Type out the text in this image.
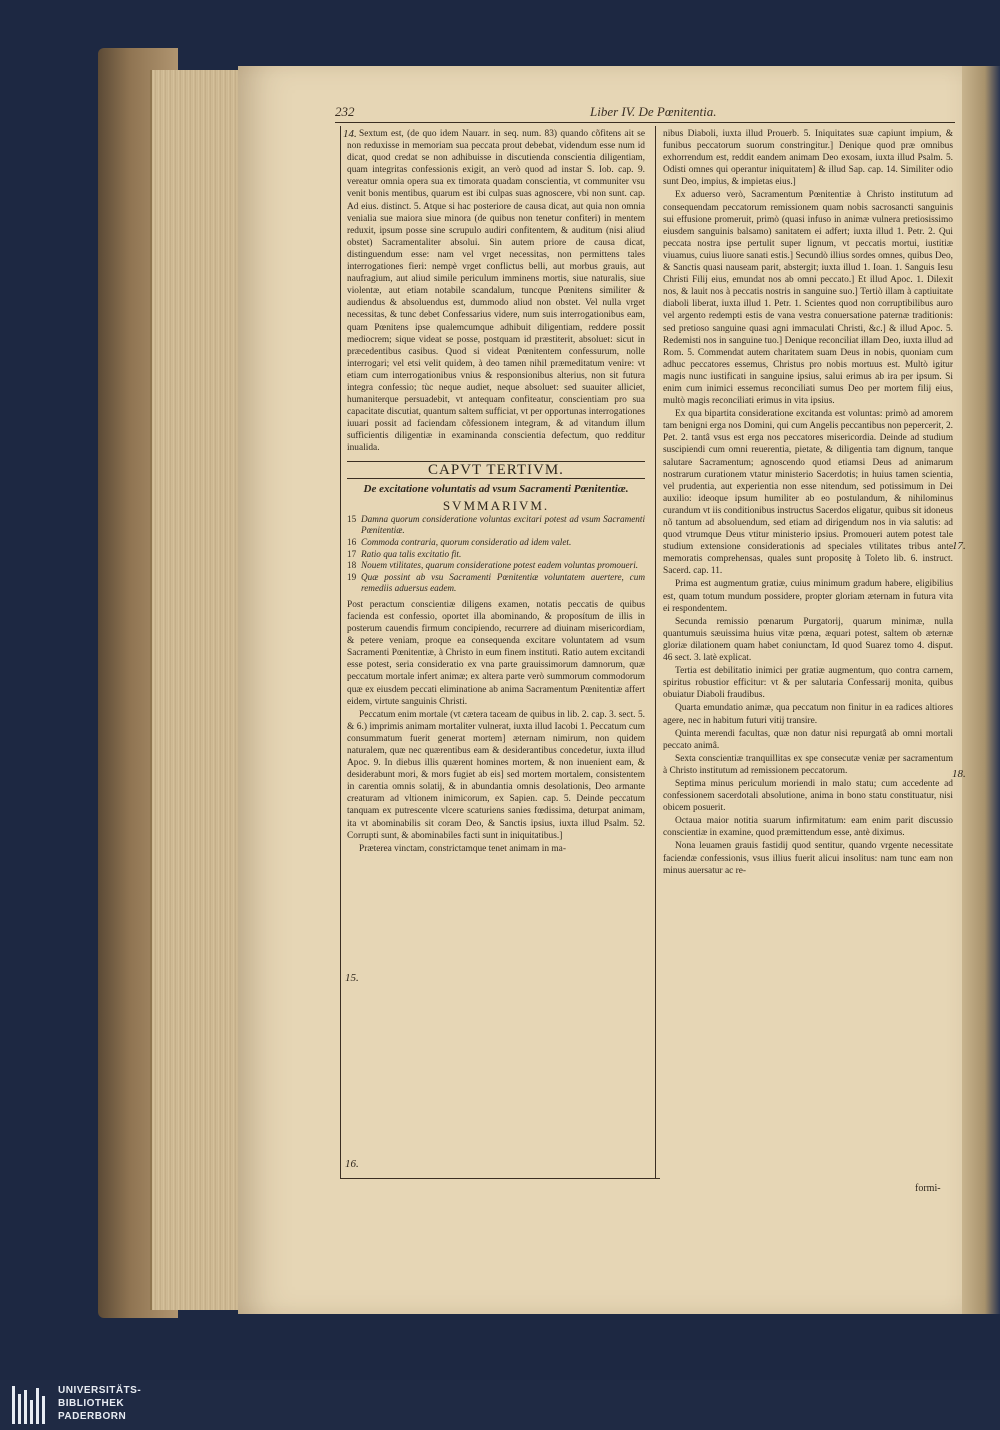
232	Liber IV. De Pœnitentia.
14.
15.
16.

Sextum est, (de quo idem Nauarr. in seq. num. 83) quando cõfitens ait se non reduxisse in memoriam sua peccata prout debebat, videndum esse num id dicat, quod credat se non adhibuisse in discutienda conscientia diligentiam, quam integritas confessionis exigit, an verò quod ad instar S. Iob. cap. 9. vereatur omnia opera sua ex timorata quadam conscientia, vt communiter vsu venit bonis mentibus, quarum est ibi culpas suas agnoscere, vbi non sunt. cap. Ad eius. distinct. 5. Atque si hac posteriore de causa dicat, aut quia non omnia venialia sue maiora siue minora (de quibus non tenetur confiteri) in mentem reduxit, ipsum posse sine scrupulo audiri confitentem, & auditum (nisi aliud obstet) Sacramentaliter absolui. Sin autem priore de causa dicat, distinguendum esse: nam vel vrget necessitas, non permittens tales interrogationes fieri: nempè vrget conflictus belli, aut morbus grauis, aut naufragium, aut aliud simile periculum imminens mortis, siue naturalis, siue violentæ, aut etiam notabile scandalum, tuncque Pœnitens similiter & audiendus & absoluendus est, dummodo aliud non obstet. Vel nulla vrget necessitas, & tunc debet Confessarius videre, num suis interrogationibus eam, quam Pœnitens ipse qualemcumque adhibuit diligentiam, reddere possit mediocrem; sique videat se posse, postquam id præstiterit, absoluet: sicut in præcedentibus casibus. Quod si videat Pœnitentem confessurum, nolle interrogari; vel etsi velit quidem, à deo tamen nihil præmeditatum venire: vt etiam cum interrogationibus vnius & responsionibus alterius, non sit futura integra confessio; tùc neque audiet, neque absoluet: sed suauiter alliciet, humaniterque persuadebit, vt antequam confiteatur, conscientiam pro sua capacitate discutiat, quantum saltem sufficiat, vt per opportunas interrogationes iuuari possit ad faciendam cõfessionem integram, & ad vitandum illum sufficientis diligentiæ in examinanda conscientia defectum, quo redditur inualida.

CAPVT TERTIVM.
De excitatione voluntatis ad vsum Sacramenti Pœnitentiæ.
SVMMARIVM.
15 Damna quorum consideratione voluntas excitari potest ad vsum Sacramenti Pœnitentiæ.
16 Commoda contraria, quorum consideratio ad idem valet.
17 Ratio qua talis excitatio fit.
18 Nouem vtilitates, quarum consideratione potest eadem voluntas promoueri.
19 Quæ possint ab vsu Sacramenti Pœnitentiæ voluntatem auertere, cum remediis aduersus eadem.

Post peractum conscientiæ diligens examen, notatis peccatis de quibus facienda est confessio, oportet illa abominando, & proposítum de illis in posterum cauendis firmum concipiendo, recurrere ad diuinam misericordiam, & petere veniam, proque ea consequenda excitare voluntatem ad vsum Sacramenti Pœnitentiæ, à Christo in eum finem instituti. Ratio autem excitandi esse potest, seria consideratio ex vna parte grauissimorum damnorum, quæ peccatum mortale infert animæ; ex altera parte verò summorum commodorum quæ ex eiusdem peccati eliminatione ab anima Sacramentum Pœnitentiæ affert eidem, virtute sanguinis Christi.

Peccatum enim mortale (vt cætera taceam de quibus in lib. 2. cap. 3. sect. 5. & 6.) imprimis animam mortaliter vulnerat, iuxta illud Iacobi 1. Peccatum cum consummatum fuerit generat mortem] æternam nimirum, non quidem naturalem, quæ nec quærentibus eam & desiderantibus concedetur, iuxta illud Apoc. 9. In diebus illis quærent homines mortem, & non inuenient eam, & desiderabunt mori, & mors fugiet ab eis] sed mortem mortalem, consistentem in carentia omnis solatij, & in abundantia omnis desolationis, Deo armante creaturam ad vltionem inimicorum, ex Sapien. cap. 5. Deinde peccatum tanquam ex putrescente vlcere scaturiens sanies fœdissima, deturpat animam, ita vt abominabilis sit coram Deo, & Sanctis ipsius, iuxta illud Psalm. 52. Corrupti sunt, & abominabiles facti sunt in iniquitatibus.]

Præterea vinctam, constrictamque tenet animam in ma-

nibus Diaboli, iuxta illud Prouerb. 5. Iniquitates suæ capiunt impium, & funibus peccatorum suorum constringitur.] Denique quod præ omnibus exhorrendum est, reddit eandem animam Deo exosam, iuxta illud Psalm. 5. Odisti omnes qui operantur iniquitatem] & illud Sap. cap. 14. Similiter odio sunt Deo, impius, & impietas eius.]

Ex aduerso verò, Sacramentum Pœnitentiæ à Christo institutum ad consequendam peccatorum remissionem quam nobis sacrosancti sanguinis sui effusione promeruit, primò (quasi infuso in animæ vulnera pretiosissimo eiusdem sanguinis balsamo) sanitatem ei adfert; iuxta illud 1. Petr. 2. Qui peccata nostra ipse pertulit super lignum, vt peccatis mortui, iustitiæ viuamus, cuius liuore sanati estis.] Secundò illius sordes omnes, quibus Deo, & Sanctis quasi nauseam parit, abstergit; iuxta illud 1. Ioan. 1. Sanguis Iesu Christi Filij eius, emundat nos ab omni peccato.] Et illud Apoc. 1. Dilexit nos, & lauit nos à peccatis nostris in sanguine suo.] Tertiò illam à captiuitate diaboli liberat, iuxta illud 1. Petr. 1. Scientes quod non corruptibilibus auro vel argento redempti estis de vana vestra conuersatione paternæ traditionis: sed pretioso sanguine quasi agni immaculati Christi, &c.] & illud Apoc. 5. Redemisti nos in sanguine tuo.] Denique reconciliat illam Deo, iuxta illud ad Rom. 5. Commendat autem charitatem suam Deus in nobis, quoniam cum adhuc peccatores essemus, Christus pro nobis mortuus est. Multò igitur magis nunc iustificati in sanguine ipsius, salui erimus ab ira per ipsum. Si enim cum inimici essemus reconciliati sumus Deo per mortem filij eius, multò magis reconciliati erimus in vita ipsius.

Ex qua bipartita consideratione excitanda est voluntas: primò ad amorem tam benigni erga nos Domini, qui cum Angelis peccantibus non pepercerit, 2. Pet. 2. tantâ vsus est erga nos peccatores misericordia. Deinde ad studium suscipiendi cum omni reuerentia, pietate, & diligentia tam dignum, tanque salutare Sacramentum; agnoscendo quod etiamsi Deus ad animarum nostrarum curationem vtatur ministerio Sacerdotis; in huius tamen scientia, vel prudentia, aut experientia non esse nitendum, sed potissimum in Dei auxilio: ideoque ipsum humiliter ab eo postulandum, & nihilominus curandum vt iis conditionibus instructus Sacerdos eligatur, quibus sit idoneus nõ tantum ad absoluendum, sed etiam ad dirigendum nos in via salutis: ad quod vtrumque Deus vtitur ministerio ipsius. Promoueri autem potest tale studium extensione considerationis ad speciales vtilitates tribus ante memoratis comprehensas, quales sunt propositę à Toleto lib. 6. instruct. Sacerd. cap. 11.

Prima est augmentum gratiæ, cuius minimum gradum habere, eligibilius est, quam totum mundum possidere, propter gloriam æternam in futura vita ei respondentem.

Secunda remissio pœnarum Purgatorij, quarum minimæ, nulla quantumuis sæuissima huius vitæ pœna, æquari potest, saltem ob æternæ gloriæ dilationem quam habet coniunctam, Id quod Suarez tomo 4. disput. 46 sect. 3. latè explicat.

Tertia est debilitatio inimici per gratiæ augmentum, quo contra carnem, spiritus robustior efficitur: vt & per salutaria Confessarij monita, quibus obuiatur Diaboli fraudibus.

Quarta emundatio animæ, qua peccatum non finitur in ea radices altiores agere, nec in habitum futuri vitij transire.

Quinta merendi facultas, quæ non datur nisi repurgatâ ab omni mortali peccato animâ.

Sexta conscientiæ tranquillitas ex spe consecutæ veniæ per sacramentum à Christo institutum ad remissionem peccatorum.

Septima minus periculum moriendi in malo statu; cum accedente ad confessionem sacerdotali absolutione, anima in bono statu constituatur, nisi obicem posuerit.

Octaua maior notitia suarum infirmitatum: eam enim parit discussio conscientiæ in examine, quod præmittendum esse, antè diximus.

Nona leuamen grauis fastidij quod sentitur, quando vrgente necessitate faciendæ confessionis, vsus illius fuerit alicui insolitus: nam tunc eam non minus auersatur ac re-

17.
18.
formi-
UNIVERSITÄTS-
BIBLIOTHEK
PADERBORN
